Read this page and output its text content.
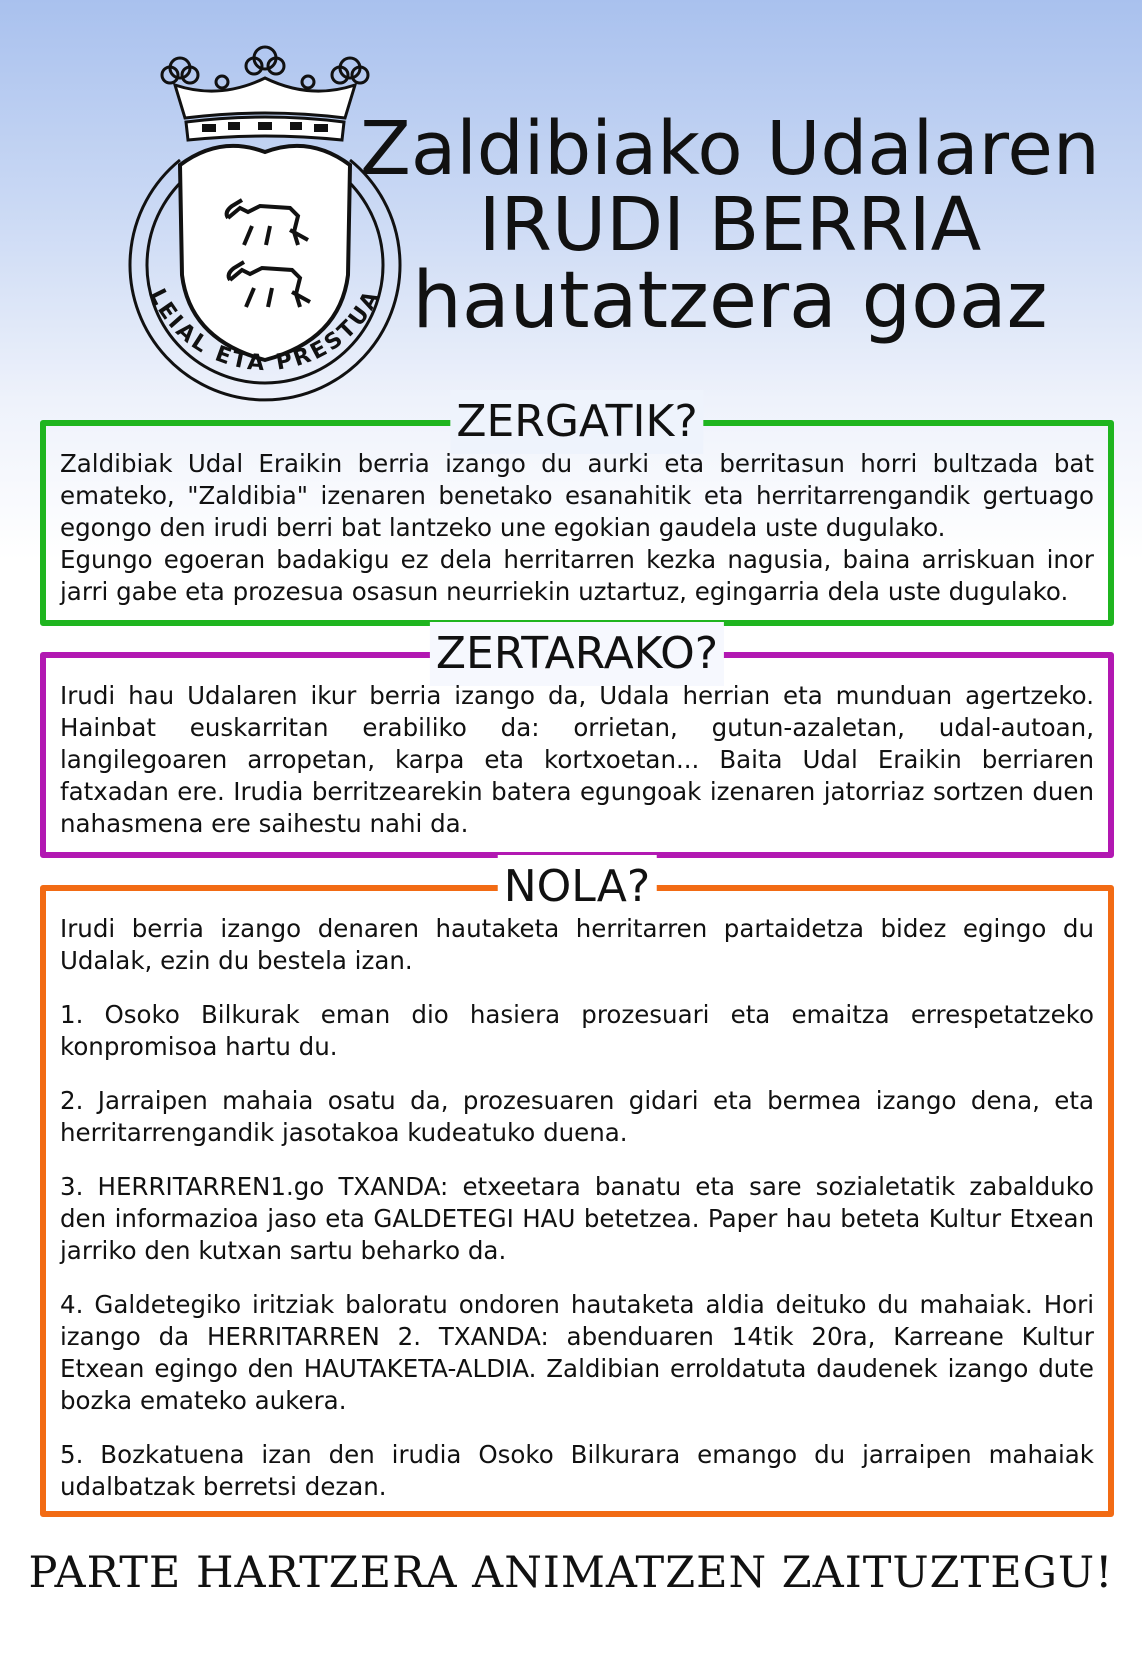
LEIAL ETA PRESTUA
Zaldibiako Udalaren
IRUDI BERRIA
hautatzera goaz
ZERGATIK?

Zaldibiak Udal Eraikin berria izango du aurki eta berritasun horri bultzada bat emateko, "Zaldibia" izenaren benetako esanahitik eta herritarrengandik gertuago egongo den irudi berri bat lantzeko une egokian gaudela uste dugulako.

Egungo egoeran badakigu ez dela herritarren kezka nagusia, baina arriskuan inor jarri gabe eta prozesua osasun neurriekin uztartuz, egingarria dela uste dugulako.

ZERTARAKO?

Irudi hau Udalaren ikur berria izango da, Udala herrian eta munduan agertzeko. Hainbat euskarritan erabiliko da: orrietan, gutun-azaletan, udal-autoan, langilegoaren arropetan, karpa eta kortxoetan... Baita Udal Eraikin berriaren fatxadan ere. Irudia berritzearekin batera egungoak izenaren jatorriaz sortzen duen nahasmena ere saihestu nahi da.

NOLA?

Irudi berria izango denaren hautaketa herritarren partaidetza bidez egingo du Udalak, ezin du bestela izan.

1. Osoko Bilkurak eman dio hasiera prozesuari eta emaitza errespetatzeko konpromisoa hartu du.

2. Jarraipen mahaia osatu da, prozesuaren gidari eta bermea izango dena, eta herritarrengandik jasotakoa kudeatuko duena.

3. HERRITARREN1.go TXANDA: etxeetara banatu eta sare sozialetatik zabalduko den informazioa jaso eta GALDETEGI HAU betetzea. Paper hau beteta Kultur Etxean jarriko den kutxan sartu beharko da.

4. Galdetegiko iritziak baloratu ondoren hautaketa aldia deituko du mahaiak. Hori izango da HERRITARREN 2. TXANDA: abenduaren 14tik 20ra, Karreane Kultur Etxean egingo den HAUTAKETA-ALDIA. Zaldibian erroldatuta daudenek izango dute bozka emateko aukera.

5. Bozkatuena izan den irudia Osoko Bilkurara emango du jarraipen mahaiak udalbatzak berretsi dezan.

PARTE HARTZERA ANIMATZEN ZAITUZTEGU!
